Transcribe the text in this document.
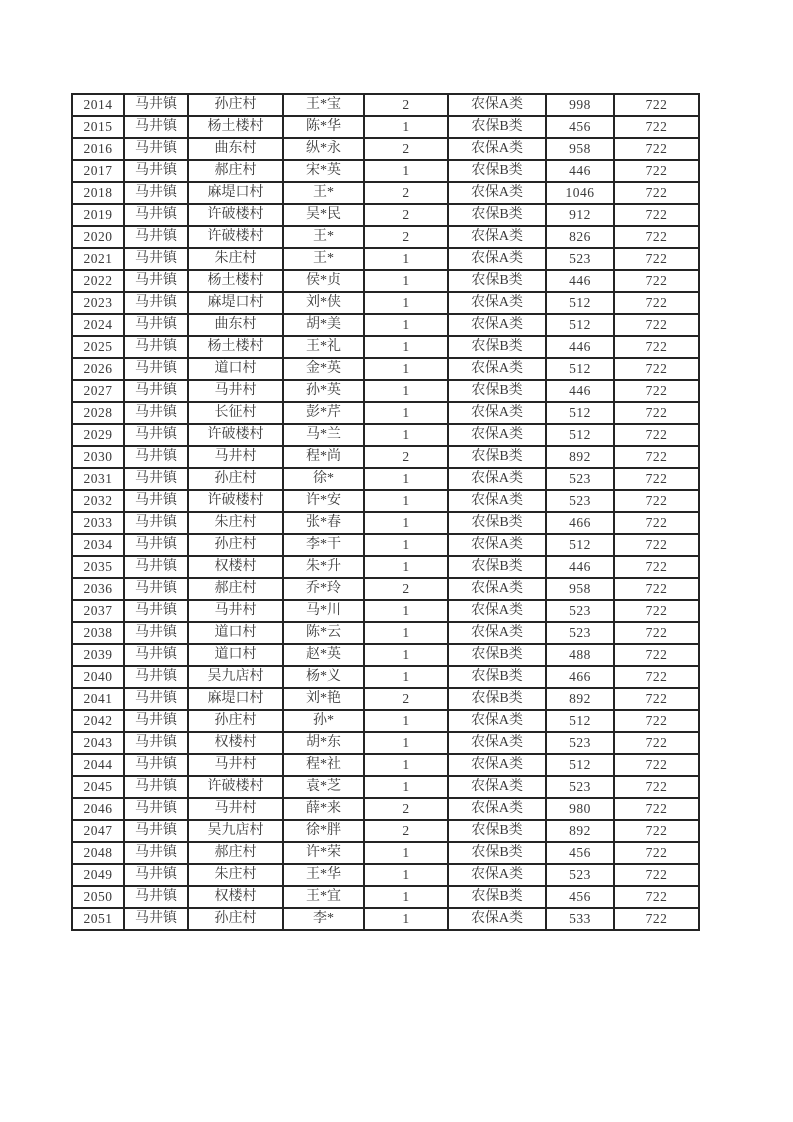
2014	马井镇	孙庄村	王*宝	2	农保A类	998	722
2015	马井镇	杨土楼村	陈*华	1	农保B类	456	722
2016	马井镇	曲东村	纵*永	2	农保A类	958	722
2017	马井镇	郝庄村	宋*英	1	农保B类	446	722
2018	马井镇	麻堤口村	王*	2	农保A类	1046	722
2019	马井镇	许破楼村	吴*民	2	农保B类	912	722
2020	马井镇	许破楼村	王*	2	农保A类	826	722
2021	马井镇	朱庄村	王*	1	农保A类	523	722
2022	马井镇	杨土楼村	侯*贞	1	农保B类	446	722
2023	马井镇	麻堤口村	刘*侠	1	农保A类	512	722
2024	马井镇	曲东村	胡*美	1	农保A类	512	722
2025	马井镇	杨土楼村	王*礼	1	农保B类	446	722
2026	马井镇	道口村	金*英	1	农保A类	512	722
2027	马井镇	马井村	孙*英	1	农保B类	446	722
2028	马井镇	长征村	彭*芹	1	农保A类	512	722
2029	马井镇	许破楼村	马*兰	1	农保A类	512	722
2030	马井镇	马井村	程*尚	2	农保B类	892	722
2031	马井镇	孙庄村	徐*	1	农保A类	523	722
2032	马井镇	许破楼村	许*安	1	农保A类	523	722
2033	马井镇	朱庄村	张*春	1	农保B类	466	722
2034	马井镇	孙庄村	李*干	1	农保A类	512	722
2035	马井镇	权楼村	朱*升	1	农保B类	446	722
2036	马井镇	郝庄村	乔*玲	2	农保A类	958	722
2037	马井镇	马井村	马*川	1	农保A类	523	722
2038	马井镇	道口村	陈*云	1	农保A类	523	722
2039	马井镇	道口村	赵*英	1	农保B类	488	722
2040	马井镇	吴九店村	杨*义	1	农保B类	466	722
2041	马井镇	麻堤口村	刘*艳	2	农保B类	892	722
2042	马井镇	孙庄村	孙*	1	农保A类	512	722
2043	马井镇	权楼村	胡*东	1	农保A类	523	722
2044	马井镇	马井村	程*社	1	农保A类	512	722
2045	马井镇	许破楼村	袁*芝	1	农保A类	523	722
2046	马井镇	马井村	薛*来	2	农保A类	980	722
2047	马井镇	吴九店村	徐*胖	2	农保B类	892	722
2048	马井镇	郝庄村	许*荣	1	农保B类	456	722
2049	马井镇	朱庄村	王*华	1	农保A类	523	722
2050	马井镇	权楼村	王*宜	1	农保B类	456	722
2051	马井镇	孙庄村	李*	1	农保A类	533	722
